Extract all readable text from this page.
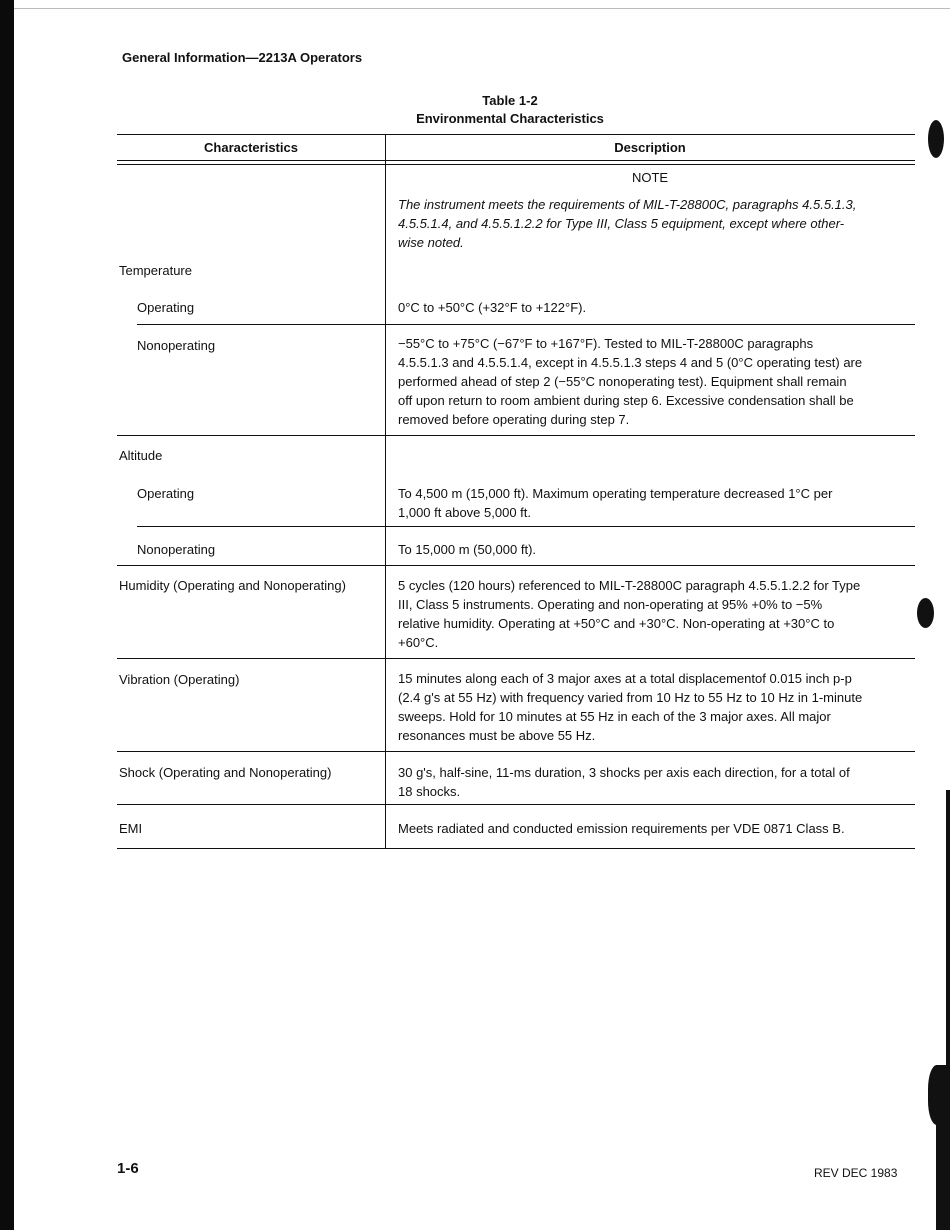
General Information—2213A Operators
Table 1-2
Environmental Characteristics
Characteristics	Description
NOTE
The instrument meets the requirements of MIL-T-28800C, paragraphs 4.5.5.1.3,
4.5.5.1.4, and 4.5.5.1.2.2 for Type III, Class 5 equipment, except where other-
wise noted.
Temperature
Operating	0°C to +50°C (+32°F to +122°F).
Nonoperating	−55°C to +75°C (−67°F to +167°F). Tested to MIL-T-28800C paragraphs
4.5.5.1.3 and 4.5.5.1.4, except in 4.5.5.1.3 steps 4 and 5 (0°C operating test) are
performed ahead of step 2 (−55°C nonoperating test). Equipment shall remain
off upon return to room ambient during step 6. Excessive condensation shall be
removed before operating during step 7.
Altitude
Operating	To 4,500 m (15,000 ft). Maximum operating temperature decreased 1°C per
1,000 ft above 5,000 ft.
Nonoperating	To 15,000 m (50,000 ft).
Humidity (Operating and Nonoperating)	5 cycles (120 hours) referenced to MIL-T-28800C paragraph 4.5.5.1.2.2 for Type
III, Class 5 instruments. Operating and non-operating at 95% +0% to −5%
relative humidity. Operating at +50°C and +30°C. Non-operating at +30°C to
+60°C.
Vibration (Operating)	15 minutes along each of 3 major axes at a total displacementof 0.015 inch p-p
(2.4 g's at 55 Hz) with frequency varied from 10 Hz to 55 Hz to 10 Hz in 1-minute
sweeps. Hold for 10 minutes at 55 Hz in each of the 3 major axes. All major
resonances must be above 55 Hz.
Shock (Operating and Nonoperating)	30 g's, half-sine, 11-ms duration, 3 shocks per axis each direction, for a total of
18 shocks.
EMI	Meets radiated and conducted emission requirements per VDE 0871 Class B.
1-6	REV DEC 1983
